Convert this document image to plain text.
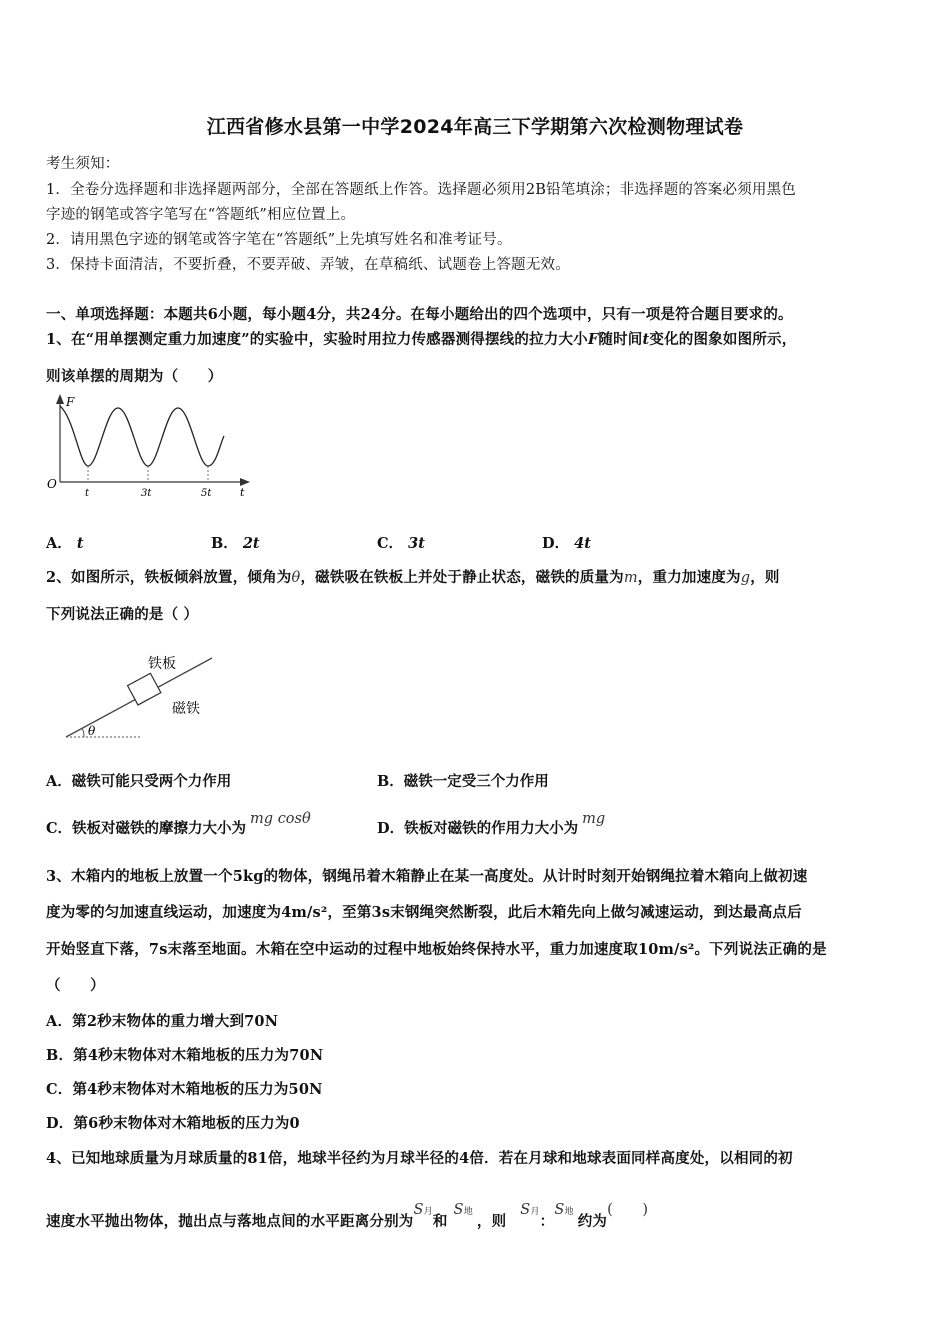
江西省修水县第一中学2024年高三下学期第六次检测物理试卷
考生须知：
1．全卷分选择题和非选择题两部分，全部在答题纸上作答。选择题必须用2B铅笔填涂；非选择题的答案必须用黑色
字迹的钢笔或答字笔写在“答题纸”相应位置上。
2．请用黑色字迹的钢笔或答字笔在“答题纸”上先填写姓名和准考证号。
3．保持卡面清洁，不要折叠，不要弄破、弄皱，在草稿纸、试题卷上答题无效。
一、单项选择题：本题共6小题，每小题4分，共24分。在每小题给出的四个选项中，只有一项是符合题目要求的。
1、在“用单摆测定重力加速度”的实验中，实验时用拉力传感器测得摆线的拉力大小F随时间t变化的图象如图所示，
则该单摆的周期为（　　）
F
O
t
t	3t	5t
A． t	B． 2t	C． 3t	D． 4t
2、如图所示，铁板倾斜放置，倾角为θ，磁铁吸在铁板上并处于静止状态，磁铁的质量为m，重力加速度为g，则
下列说法正确的是（ ）
θ
铁板
磁铁
A．磁铁可能只受两个力作用	B．磁铁一定受三个力作用
C．铁板对磁铁的摩擦力大小为mg cosθ
D．铁板对磁铁的作用力大小为mg
3、木箱内的地板上放置一个5kg的物体，钢绳吊着木箱静止在某一高度处。从计时时刻开始钢绳拉着木箱向上做初速
度为零的匀加速直线运动，加速度为4m/s²，至第3s末钢绳突然断裂，此后木箱先向上做匀减速运动，到达最高点后
开始竖直下落，7s末落至地面。木箱在空中运动的过程中地板始终保持水平，重力加速度取10m/s²。下列说法正确的是
（　　）
A．第2秒末物体的重力增大到70N
B．第4秒末物体对木箱地板的压力为70N
C．第4秒末物体对木箱地板的压力为50N
D．第6秒末物体对木箱地板的压力为0
4、已知地球质量为月球质量的81倍，地球半径约为月球半径的4倍．若在月球和地球表面同样高度处，以相同的初
速度水平抛出物体，抛出点与落地点间的水平距离分别为S月和S地，则S月：S地约为(　　)
